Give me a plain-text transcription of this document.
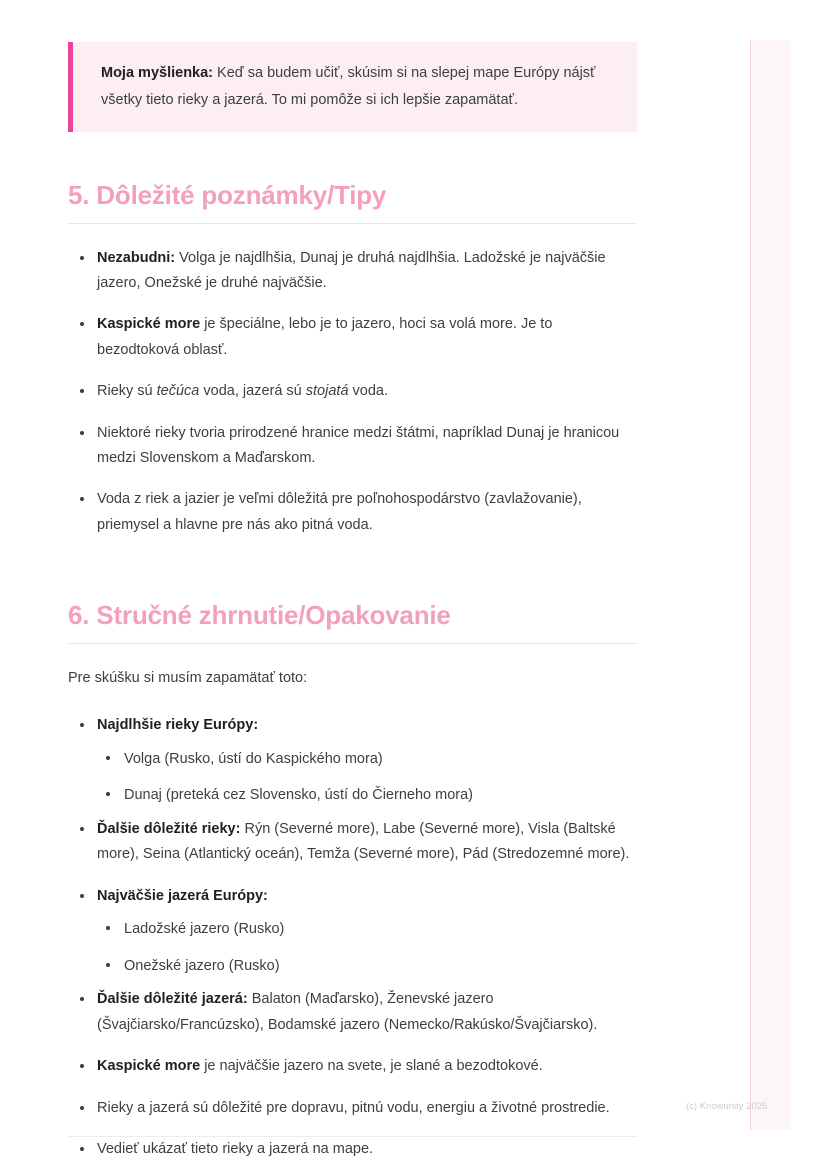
Moja myšlienka: Keď sa budem učiť, skúsim si na slepej mape Európy nájsť všetky tieto rieky a jazerá. To mi pomôže si ich lepšie zapamätať.

5. Dôležité poznámky/Tipy
Nezabudni: Volga je najdlhšia, Dunaj je druhá najdlhšia. Ladožské je najväčšie jazero, Onežské je druhé najväčšie.
Kaspické more je špeciálne, lebo je to jazero, hoci sa volá more. Je to bezodtoková oblasť.
Rieky sú tečúca voda, jazerá sú stojatá voda.
Niektoré rieky tvoria prirodzené hranice medzi štátmi, napríklad Dunaj je hranicou medzi Slovenskom a Maďarskom.
Voda z riek a jazier je veľmi dôležitá pre poľnohospodárstvo (zavlažovanie), priemysel a hlavne pre nás ako pitná voda.
6. Stručné zhrnutie/Opakovanie

Pre skúšku si musím zapamätať toto:

Najdlhšie rieky Európy:
Volga (Rusko, ústí do Kaspického mora)
Dunaj (preteká cez Slovensko, ústí do Čierneho mora)
Ďalšie dôležité rieky: Rýn (Severné more), Labe (Severné more), Visla (Baltské more), Seina (Atlantický oceán), Temža (Severné more), Pád (Stredozemné more).
Najväčšie jazerá Európy:
Ladožské jazero (Rusko)
Onežské jazero (Rusko)
Ďalšie dôležité jazerá: Balaton (Maďarsko), Ženevské jazero (Švajčiarsko/Francúzsko), Bodamské jazero (Nemecko/Rakúsko/Švajčiarsko).
Kaspické more je najväčšie jazero na svete, je slané a bezodtokové.
Rieky a jazerá sú dôležité pre dopravu, pitnú vodu, energiu a životné prostredie.
Vedieť ukázať tieto rieky a jazerá na mape.
(c) Knowunity 2025
